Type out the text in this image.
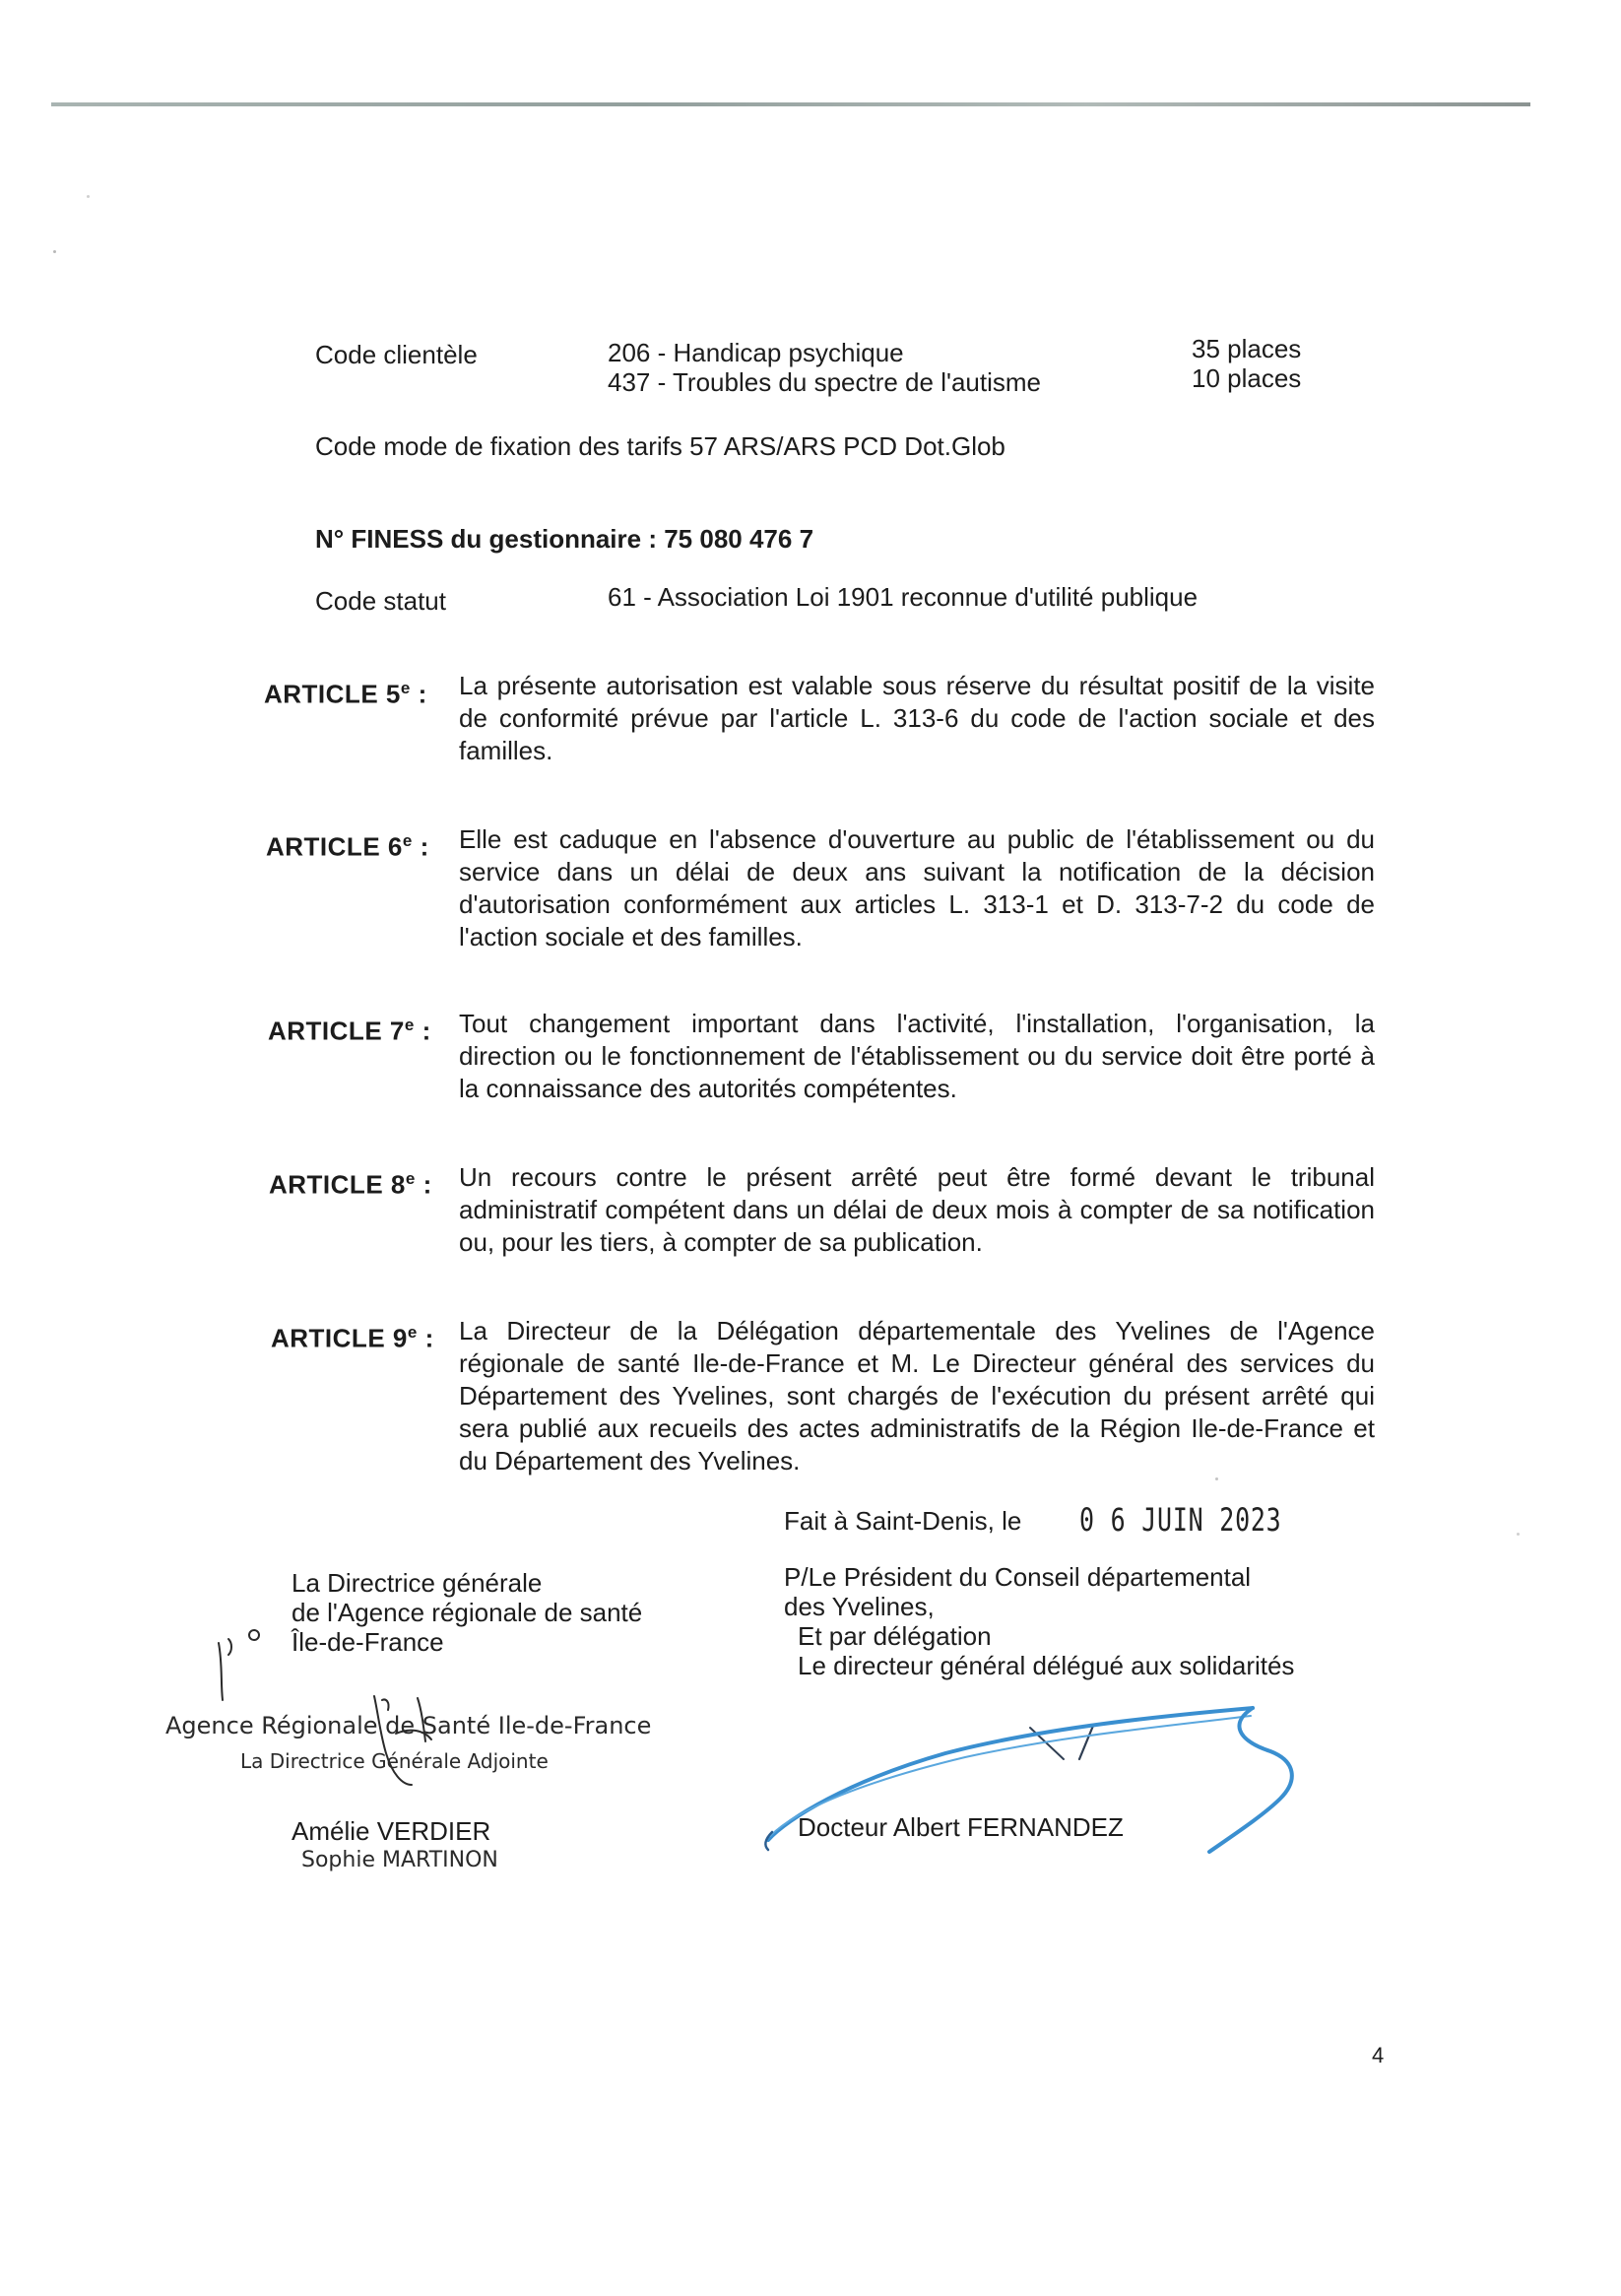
Code clientèle	206 - Handicap psychique	35 places
437 - Troubles du spectre de l'autisme	10 places
Code mode de fixation des tarifs 57 ARS/ARS PCD Dot.Glob
N° FINESS du gestionnaire : 75 080 476 7
Code statut	61 - Association Loi 1901 reconnue d'utilité publique
ARTICLE 5e : La présente autorisation est valable sous réserve du résultat positif de la visite de conformité prévue par l'article L. 313-6 du code de l'action sociale et des familles.
ARTICLE 6e : Elle est caduque en l'absence d'ouverture au public de l'établissement ou du service dans un délai de deux ans suivant la notification de la décision d'autorisation conformément aux articles L. 313-1 et D. 313-7-2 du code de l'action sociale et des familles.
ARTICLE 7e : Tout changement important dans l'activité, l'installation, l'organisation, la direction ou le fonctionnement de l'établissement ou du service doit être porté à la connaissance des autorités compétentes.
ARTICLE 8e : Un recours contre le présent arrêté peut être formé devant le tribunal administratif compétent dans un délai de deux mois à compter de sa notification ou, pour les tiers, à compter de sa publication.
ARTICLE 9e : La Directeur de la Délégation départementale des Yvelines de l'Agence régionale de santé Ile-de-France et M. Le Directeur général des services du Département des Yvelines, sont chargés de l'exécution du présent arrêté qui sera publié aux recueils des actes administratifs de la Région Ile-de-France et du Département des Yvelines.
Fait à Saint-Denis, le 0 6 JUIN 2023
La Directrice générale
de l'Agence régionale de santé
Île-de-France
Agence Régionale de Santé Ile-de-France
La Directrice Générale Adjointe
Amélie VERDIER
Sophie MARTINON
P/Le Président du Conseil départemental
des Yvelines,
Et par délégation
Le directeur général délégué aux solidarités
Docteur Albert FERNANDEZ
4
